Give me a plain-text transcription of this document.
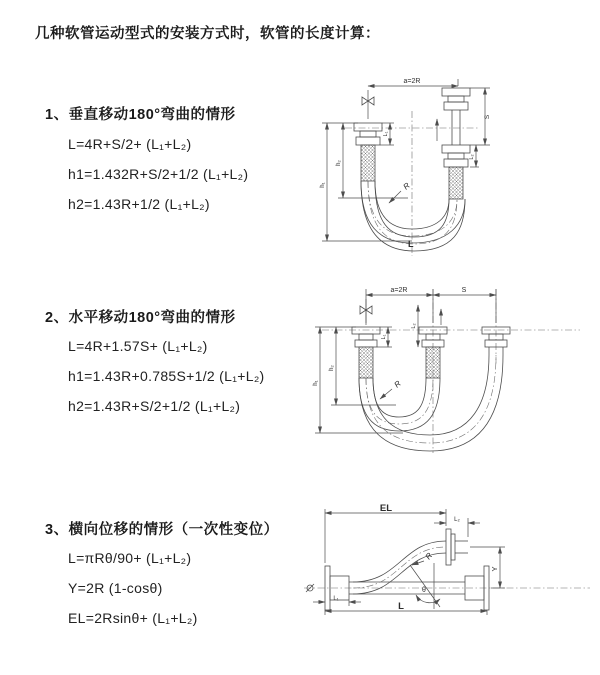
几种软管运动型式的安装方式时，软管的长度计算：
1、垂直移动180°弯曲的情形
L=4R+S/2+ (L₁+L₂)
h1=1.432R+S/2+1/2 (L₁+L₂)
h2=1.43R+1/2 (L₁+L₂)
2、水平移动180°弯曲的情形
L=4R+1.57S+ (L₁+L₂)
h1=1.43R+0.785S+1/2 (L₁+L₂)
h2=1.43R+S/2+1/2 (L₁+L₂)
3、横向位移的情形（一次性变位）
L=πRθ/90+ (L₁+L₂)
Y=2R (1-cosθ)
EL=2Rsinθ+ (L₁+L₂)
a=2R
S
L₂
L₁
h₂
h₁	R
L
a=2R	S
L₂
L₁
h₂
h₁	R
θ
R
EL
L₂
Y
L₁
L
